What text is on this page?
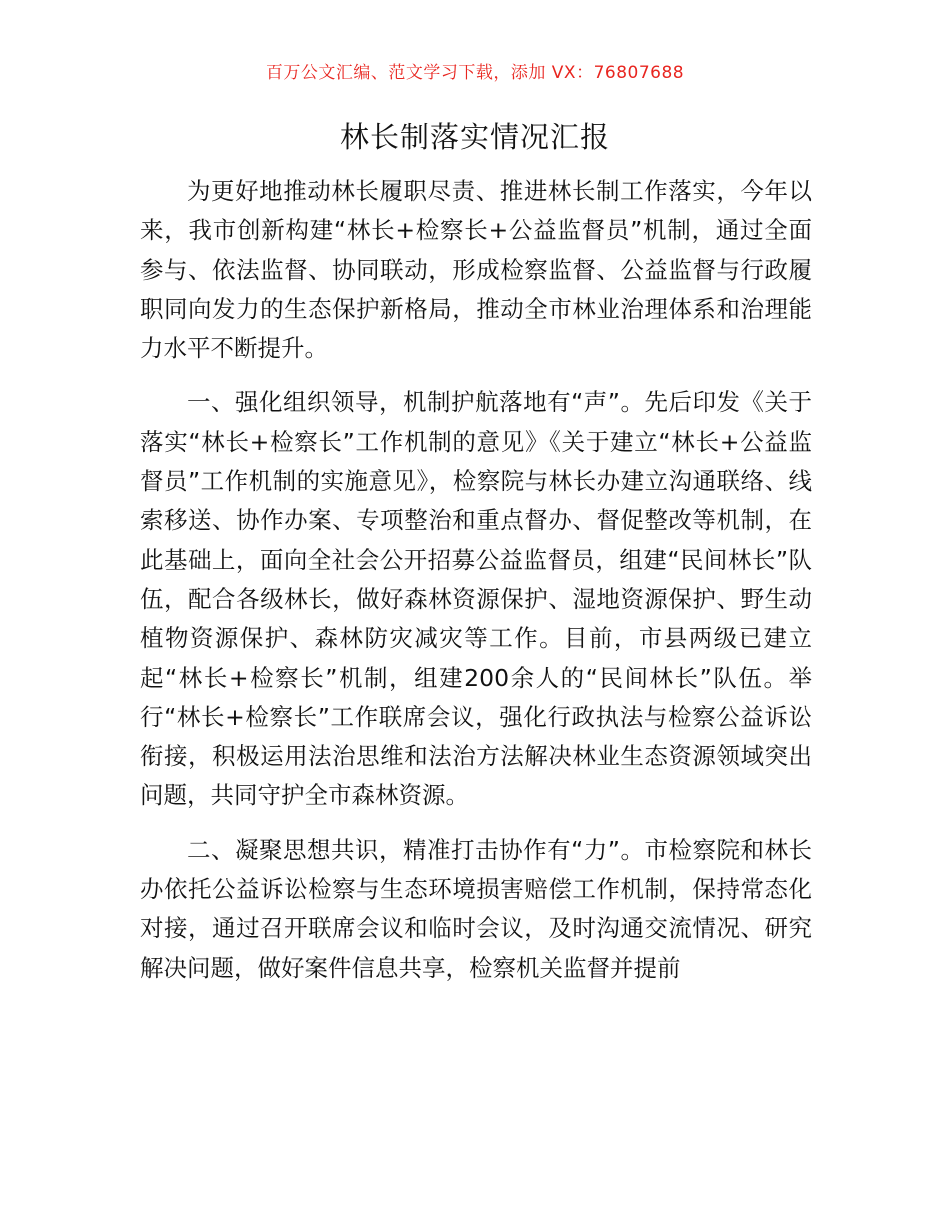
百万公文汇编、范文学习下载，添加 VX：76807688
林长制落实情况汇报

为更好地推动林长履职尽责、推进林长制工作落实，今年以来，我市创新构建“林长+检察长+公益监督员”机制，通过全面参与、依法监督、协同联动，形成检察监督、公益监督与行政履职同向发力的生态保护新格局，推动全市林业治理体系和治理能力水平不断提升。

一、强化组织领导，机制护航落地有“声”。先后印发《关于落实“林长+检察长”工作机制的意见》《关于建立“林长+公益监督员”工作机制的实施意见》，检察院与林长办建立沟通联络、线索移送、协作办案、专项整治和重点督办、督促整改等机制，在此基础上，面向全社会公开招募公益监督员，组建“民间林长”队伍，配合各级林长，做好森林资源保护、湿地资源保护、野生动植物资源保护、森林防灾减灾等工作。目前，市县两级已建立起“林长+检察长”机制，组建200余人的“民间林长”队伍。举行“林长+检察长”工作联席会议，强化行政执法与检察公益诉讼衔接，积极运用法治思维和法治方法解决林业生态资源领域突出问题，共同守护全市森林资源。

二、凝聚思想共识，精准打击协作有“力”。市检察院和林长办依托公益诉讼检察与生态环境损害赔偿工作机制，保持常态化对接，通过召开联席会议和临时会议，及时沟通交流情况、研究解决问题，做好案件信息共享，检察机关监督并提前
